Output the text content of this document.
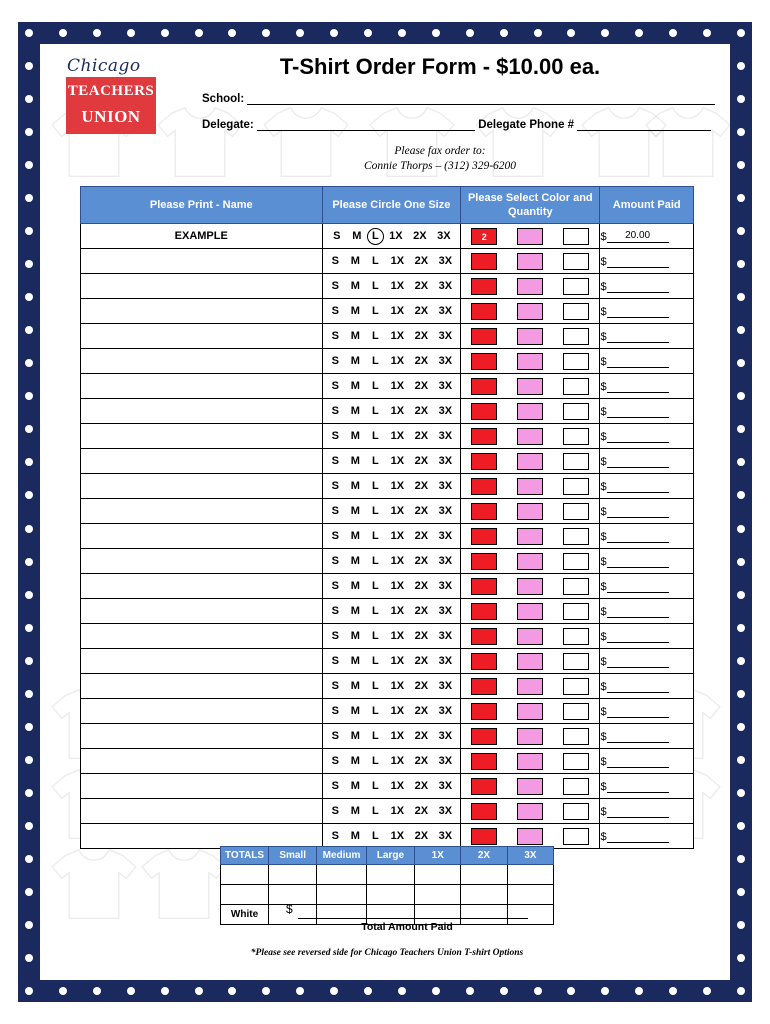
Chicago
TEACHERS
UNION
T-Shirt Order Form - $10.00 ea.
School:
Delegate:	Delegate Phone #
Please fax order to:
Connie Thorps – (312) 329-6200
Please Print - Name	Please Circle One Size	Please Select Color and Quantity	Amount Paid
EXAMPLE	S M L 1X 2X 3X	2	$ 20.00
	S M L 1X 2X 3X		$
	S M L 1X 2X 3X		$
	S M L 1X 2X 3X		$
	S M L 1X 2X 3X		$
	S M L 1X 2X 3X		$
	S M L 1X 2X 3X		$
	S M L 1X 2X 3X		$
	S M L 1X 2X 3X		$
	S M L 1X 2X 3X		$
	S M L 1X 2X 3X		$
	S M L 1X 2X 3X		$
	S M L 1X 2X 3X		$
	S M L 1X 2X 3X		$
	S M L 1X 2X 3X		$
	S M L 1X 2X 3X		$
	S M L 1X 2X 3X		$
	S M L 1X 2X 3X		$
	S M L 1X 2X 3X		$
	S M L 1X 2X 3X		$
	S M L 1X 2X 3X		$
	S M L 1X 2X 3X		$
	S M L 1X 2X 3X		$
	S M L 1X 2X 3X		$
	S M L 1X 2X 3X		$
TOTALS	Small	Medium	Large	1X	2X	3X
Red						
Pink						
White						$
Total Amount Paid
*Please see reversed side for Chicago Teachers Union T-shirt Options
